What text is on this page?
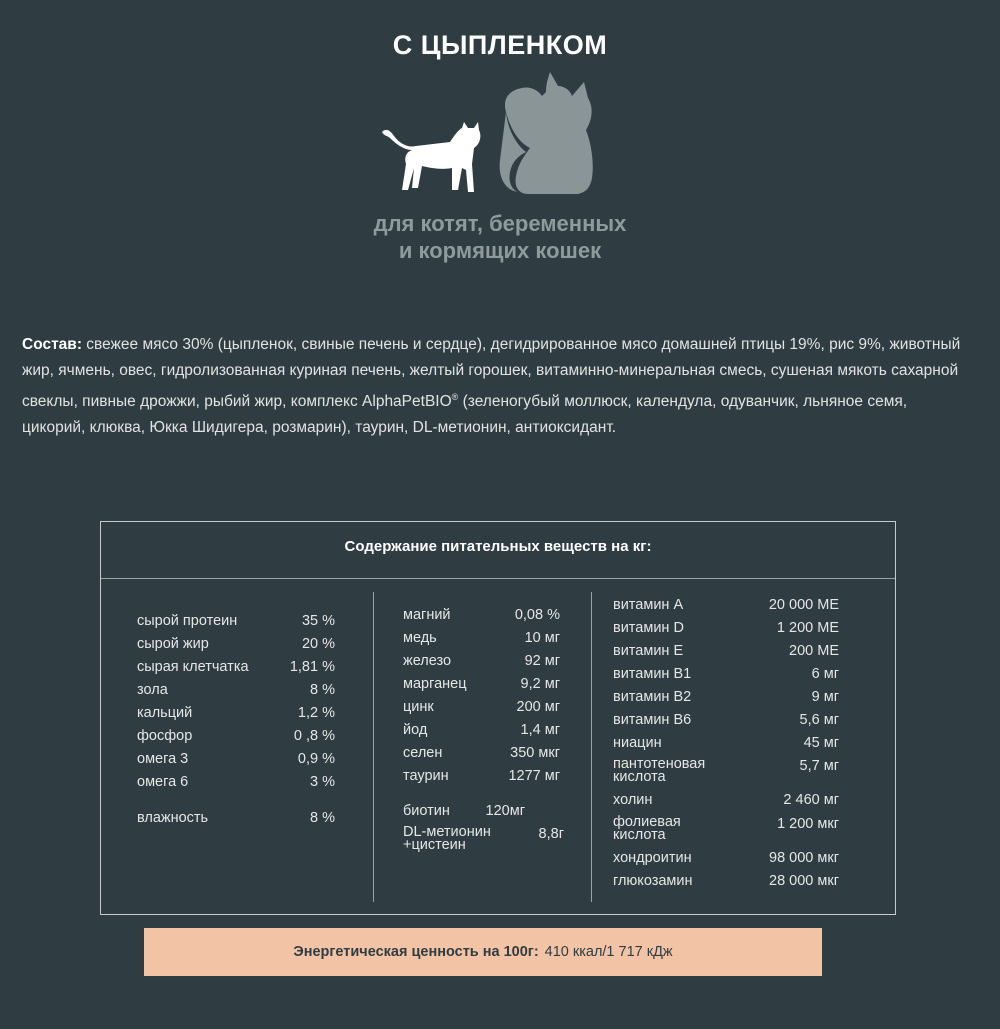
С ЦЫПЛЕНКОМ
для котят, беременных
и кормящих кошек
Состав: свежее мясо 30% (цыпленок, свиные печень и сердце), дегидрированное мясо домашней птицы 19%, рис 9%, животный жир, ячмень, овес, гидролизованная куриная печень, желтый горошек, витаминно-минеральная смесь, сушеная мякоть сахарной свеклы, пивные дрожжи, рыбий жир, комплекс AlphaPetBIO® (зеленогубый моллюск, календула, одуванчик, льняное семя, цикорий, клюква, Юкка Шидигера, розмарин), таурин, DL-метионин, антиоксидант.
Содержание питательных веществ на кг:
сырой протеин	35 %
сырой жир	20 %
сырая клетчатка	1,81 %
зола	8 %
кальций	1,2 %
фосфор	0 ,8 %
омега 3	0,9 %
омега 6	3 %
влажность	8 %
магний	0,08 %
медь	10 мг
железо	92 мг
марганец	9,2 мг
цинк	200 мг
йод	1,4 мг
селен	350 мкг
таурин	1277 мг
биотин 120мг
DL-метионин
+цистеин
8,8г
витамин А	20 000 МЕ
витамин D	1 200 МЕ
витамин Е	200 МЕ
витамин В1	6 мг
витамин В2	9 мг
витамин В6	5,6 мг
ниацин	45 мг
пантотеновая
кислота
5,7 мг
холин	2 460 мг
фолиевая
кислота
1 200 мкг
хондроитин	98 000 мкг
глюкозамин	28 000 мкг
Энергетическая ценность на 100г: 410 ккал/1 717 кДж
